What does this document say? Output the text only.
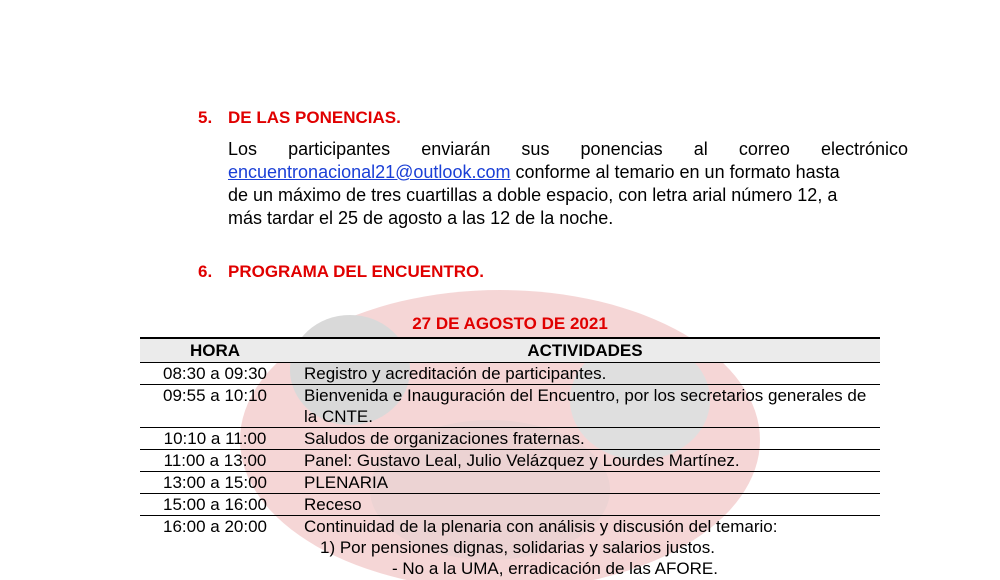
5. DE LAS PONENCIAS.
Los participantes enviarán sus ponencias al correo electrónico
encuentronacional21@outlook.com conforme al temario en un formato hasta
de un máximo de tres cuartillas a doble espacio, con letra arial número 12, a
más tardar el 25 de agosto a las 12 de la noche.
6. PROGRAMA DEL ENCUENTRO.
27 DE AGOSTO DE 2021
HORA	ACTIVIDADES
08:30 a 09:30	Registro y acreditación de participantes.
09:55 a 10:10	Bienvenida e Inauguración del Encuentro, por los secretarios generales de la CNTE.
10:10 a 11:00	Saludos de organizaciones fraternas.
11:00 a 13:00	Panel: Gustavo Leal, Julio Velázquez y Lourdes Martínez.
13:00 a 15:00	PLENARIA
15:00 a 16:00	Receso
16:00 a 20:00	Continuidad de la plenaria con análisis y discusión del temario:
1) Por pensiones dignas, solidarias y salarios justos.
- No a la UMA, erradicación de las AFORE.
